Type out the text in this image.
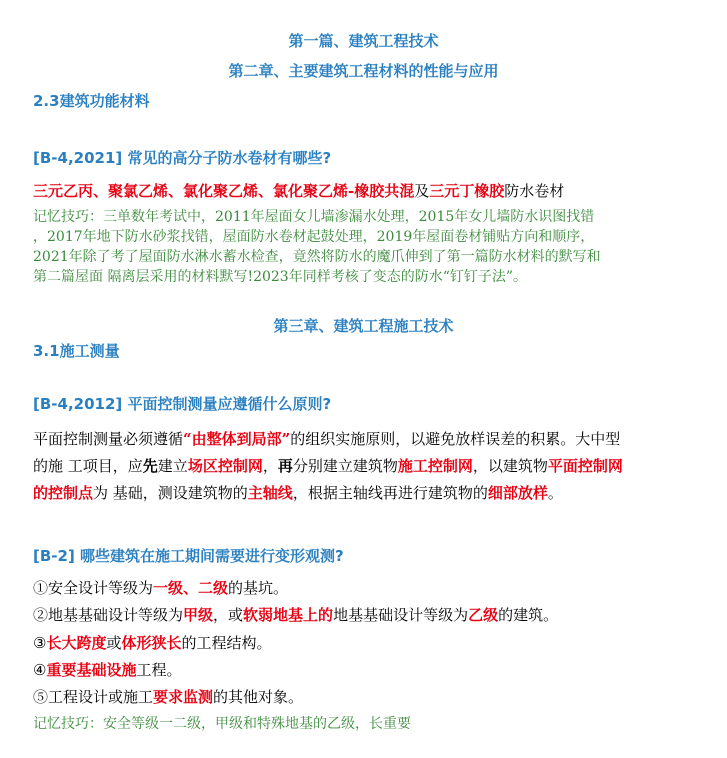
第一篇、建筑工程技术
第二章、主要建筑工程材料的性能与应用
2.3建筑功能材料
[B-4,2021] 常见的高分子防水卷材有哪些?
三元乙丙、聚氯乙烯、氯化聚乙烯、氯化聚乙烯-橡胶共混及三元丁橡胶防水卷材
记忆技巧：三单数年考试中，2011年屋面女儿墙渗漏水处理，2015年女儿墙防水识图找错
，2017年地下防水砂浆找错，屋面防水卷材起鼓处理，2019年屋面卷材铺贴方向和顺序，
2021年除了考了屋面防水淋水蓄水检查，竟然将防水的魔爪伸到了第一篇防水材料的默写和
第二篇屋面 隔离层采用的材料默写!2023年同样考核了变态的防水“钉钉子法”。
第三章、建筑工程施工技术
3.1施工测量
[B-4,2012] 平面控制测量应遵循什么原则?
平面控制测量必须遵循“由整体到局部”的组织实施原则，以避免放样误差的积累。大中型
的施 工项目，应先建立场区控制网，再分别建立建筑物施工控制网，以建筑物平面控制网
的控制点为 基础，测设建筑物的主轴线，根据主轴线再进行建筑物的细部放样。
[B-2] 哪些建筑在施工期间需要进行变形观测?
①安全设计等级为一级、二级的基坑。
②地基基础设计等级为甲级，或软弱地基上的地基基础设计等级为乙级的建筑。
③长大跨度或体形狭长的工程结构。
④重要基础设施工程。
⑤工程设计或施工要求监测的其他对象。
记忆技巧：安全等级一二级，甲级和特殊地基的乙级，长重要
